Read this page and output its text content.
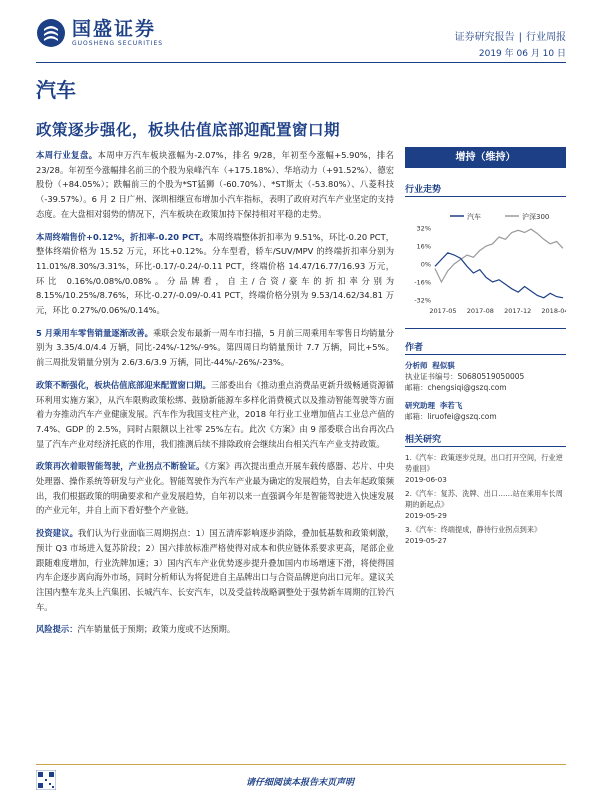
国盛证券
GUOSHENG SECURITIES
证券研究报告 | 行业周报
2019 年 06 月 10 日
汽车
政策逐步强化，板块估值底部迎配置窗口期

本周行业复盘。本周申万汽车板块涨幅为-2.07%，排名 9/28，年初至今涨幅+5.90%，排名 23/28。年初至今涨幅排名前三的个股为泉峰汽车（+175.18%）、华培动力（+91.52%）、德宏股份（+84.05%）；跌幅前三的个股为*ST猛狮（-60.70%）、*ST斯太（-53.80%）、八菱科技（-39.57%）。6 月 2 日广州、深圳相继宣布增加小汽车指标，表明了政府对汽车产业坚定的支持态度。在大盘相对弱势的情况下，汽车板块在政策加持下保持相对平稳的走势。

本周终端售价+0.12%，折扣率-0.20 PCT。本周终端整体折扣率为 9.51%，环比-0.20 PCT，整体终端价格为 15.52 万元，环比+0.12%。分车型看，轿车/SUV/MPV 的终端折扣率分别为 11.01%/8.30%/3.31%，环比-0.17/-0.24/-0.11 PCT，终端价格 14.47/16.77/16.93 万元，环比 0.16%/0.08%/0.08%。分品牌看，自主/合资/豪车的折扣率分别为 8.15%/10.25%/8.76%，环比-0.27/-0.09/-0.41 PCT，终端价格分别为 9.53/14.62/34.81 万元，环比 0.27%/0.06%/0.14%。

5 月乘用车零售销量逐渐改善。乘联会发布最新一周车市扫描，5 月前三周乘用车零售日均销量分别为 3.35/4.0/4.4 万辆，同比-24%/-12%/-9%。第四周日均销量预计 7.7 万辆，同比+5%。前三周批发销量分别为 2.6/3.6/3.9 万辆，同比-44%/-26%/-23%。

政策不断强化，板块估值底部迎来配置窗口期。三部委出台《推动重点消费品更新升级畅通资源循环利用实施方案》，从汽车限购政策松绑、鼓励新能源车多样化消费模式以及推动智能驾驶等方面着力夯推动汽车产业健康发展。汽车作为我国支柱产业，2018 年行业工业增加值占工业总产值的 7.4%、GDP 的 2.5%，同时占限额以上社零 25%左右。此次《方案》由 9 部委联合出台再次凸显了汽车产业对经济托底的作用，我们推测后续不排除政府会继续出台相关汽车产业支持政策。

政策再次着眼智能驾驶，产业拐点不断验证。《方案》再次提出重点开展车载传感器、芯片、中央处理器、操作系统等研发与产业化。智能驾驶作为汽车产业最为确定的发展趋势，自去年起政策频出，我们根据政策的明确要求和产业发展趋势，自年初以来一直强调今年是智能驾驶进入快速发展的产业元年，并自上而下看好整个产业链。

投资建议。我们认为行业面临三周期拐点：1）国五清库影响逐步消除，叠加低基数和政策刺激，预计 Q3 市场进入复苏阶段；2）国六排放标准严格使得对成本和供应链体系要求更高，尾部企业跟随难度增加，行业洗牌加速；3）国内汽车产业优势逐步提升叠加国内市场增速下滑，将使得国内车企逐步离向海外市场，同时分析师认为将促进自主品牌出口与合资品牌逆向出口元年。建议关注国内整车龙头上汽集团、长城汽车、长安汽车，以及受益转战略调整处于强势新车周期的江铃汽车。

风险提示：汽车销量低于预期；政策力度或不达预期。

增持（维持）
行业走势
汽车	沪深300
32%
16%
0%
-16%
-32%
2017-05 2017-08 2017-12 2018-04
作者
分析师 程似骐
执业证书编号：S0680519050005
邮箱：chengsiqi@gszq.com
研究助理 李若飞
邮箱：liruofei@gszq.com
相关研究
1.《汽车：政策逐步兑现，出口打开空间，行业逆势重回》
2019-06-03
2.《汽车：复苏、洗牌、出口……站在乘用车长周期的新起点》
2019-05-29
3.《汽车：终端提成，静待行业拐点到来》
2019-05-27
请仔细阅读本报告末页声明
